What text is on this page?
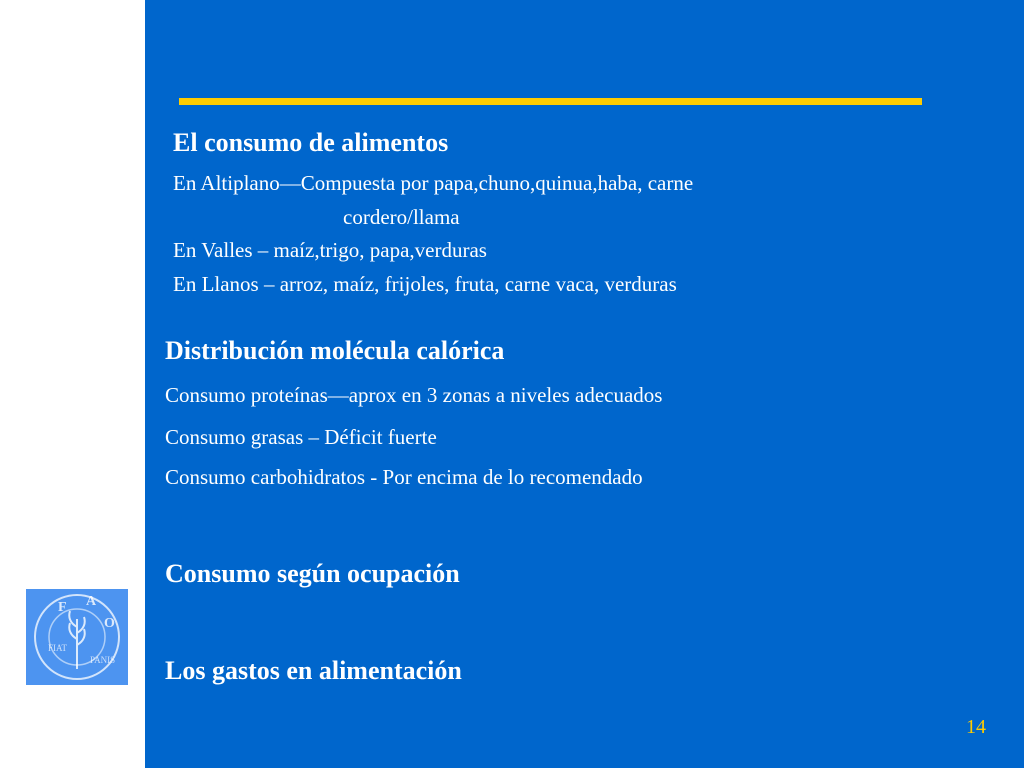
El consumo de alimentos
En Altiplano—Compuesta por papa,chuno,quinua,haba, carne
cordero/llama
En Valles – maíz,trigo, papa,verduras
En Llanos – arroz, maíz, frijoles, fruta, carne vaca, verduras
Distribución molécula calórica
Consumo proteínas—aprox en 3 zonas a niveles adecuados
Consumo grasas – Déficit fuerte
Consumo carbohidratos - Por encima de lo recomendado
Consumo según ocupación
Los gastos en alimentación
F A
O
FIAT
PANIS
14
